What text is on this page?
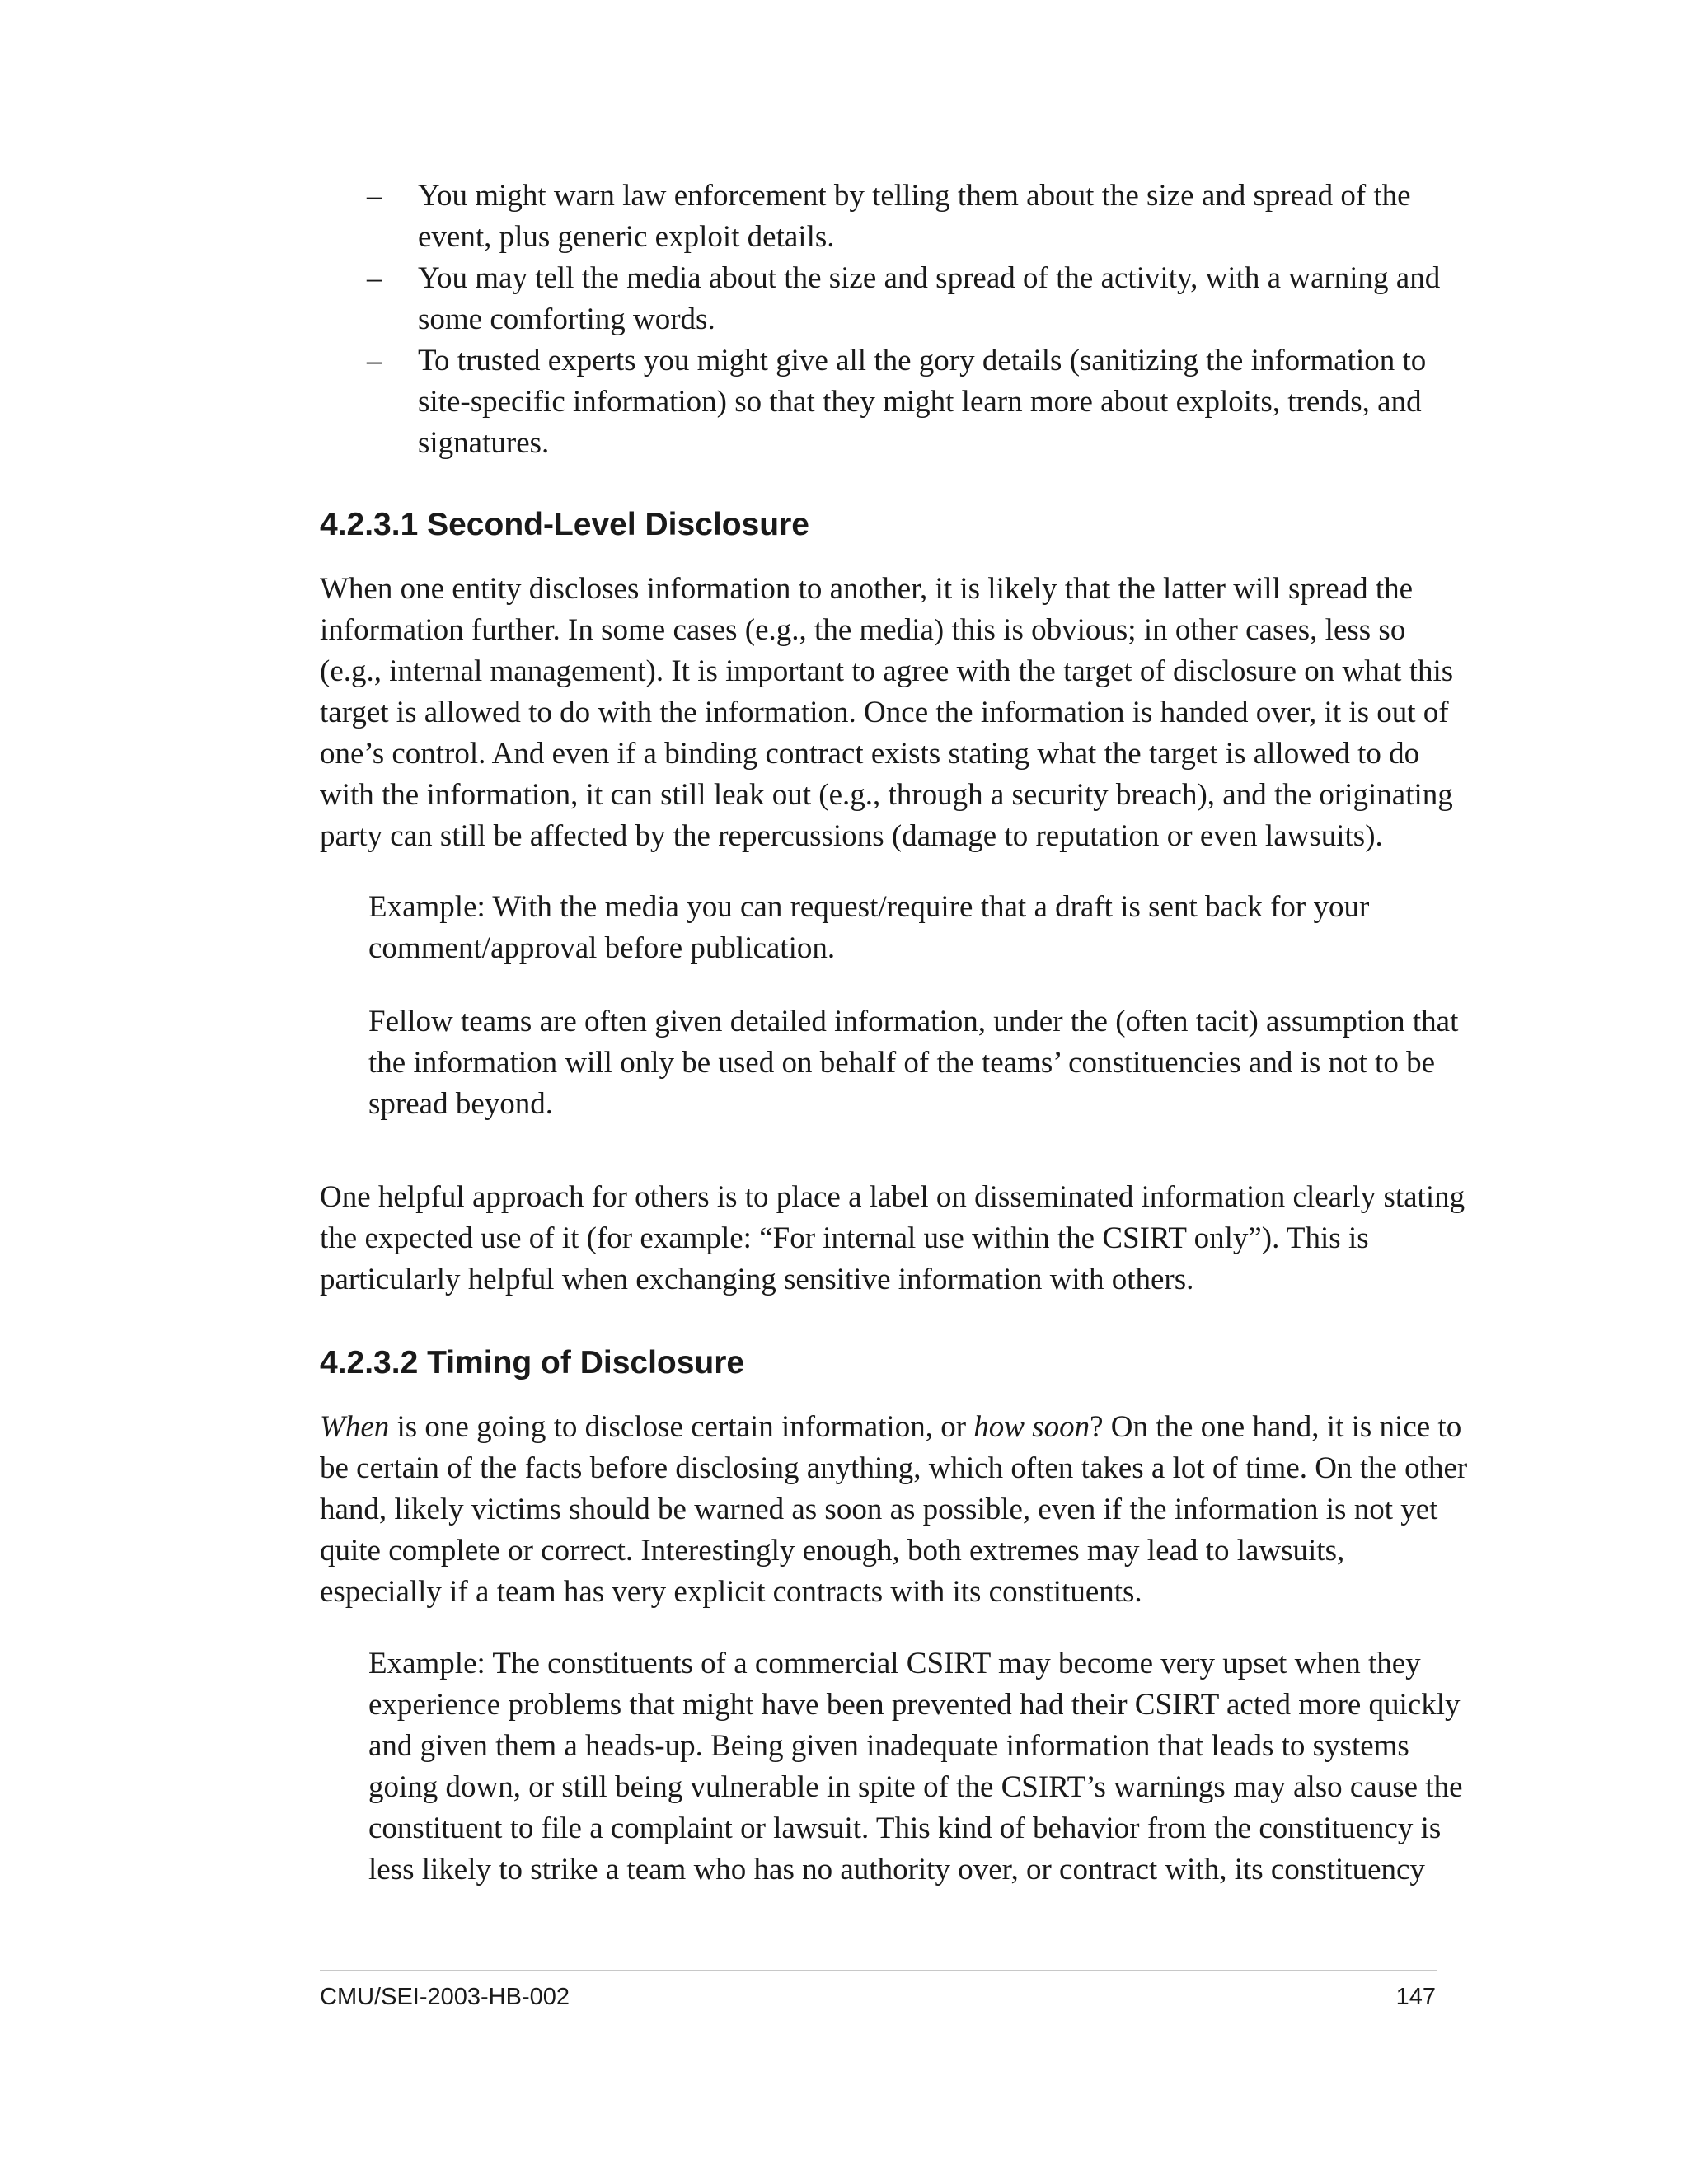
– You might warn law enforcement by telling them about the size and spread of the event, plus generic exploit details.
– You may tell the media about the size and spread of the activity, with a warning and some comforting words.
– To trusted experts you might give all the gory details (sanitizing the information to site-specific information) so that they might learn more about exploits, trends, and signatures.
4.2.3.1 Second-Level Disclosure

When one entity discloses information to another, it is likely that the latter will spread the information further. In some cases (e.g., the media) this is obvious; in other cases, less so (e.g., internal management). It is important to agree with the target of disclosure on what this target is allowed to do with the information. Once the information is handed over, it is out of one’s control. And even if a binding contract exists stating what the target is allowed to do with the information, it can still leak out (e.g., through a security breach), and the originating party can still be affected by the repercussions (damage to reputation or even lawsuits).

Example: With the media you can request/require that a draft is sent back for your comment/approval before publication.

Fellow teams are often given detailed information, under the (often tacit) assumption that the information will only be used on behalf of the teams’ constituencies and is not to be spread beyond.

One helpful approach for others is to place a label on disseminated information clearly stating the expected use of it (for example: “For internal use within the CSIRT only”). This is particularly helpful when exchanging sensitive information with others.

4.2.3.2 Timing of Disclosure

When is one going to disclose certain information, or how soon? On the one hand, it is nice to be certain of the facts before disclosing anything, which often takes a lot of time. On the other hand, likely victims should be warned as soon as possible, even if the information is not yet quite complete or correct. Interestingly enough, both extremes may lead to lawsuits, especially if a team has very explicit contracts with its constituents.

Example: The constituents of a commercial CSIRT may become very upset when they experience problems that might have been prevented had their CSIRT acted more quickly and given them a heads-up. Being given inadequate information that leads to systems going down, or still being vulnerable in spite of the CSIRT’s warnings may also cause the constituent to file a complaint or lawsuit. This kind of behavior from the constituency is less likely to strike a team who has no authority over, or contract with, its constituency

CMU/SEI-2003-HB-002	147
